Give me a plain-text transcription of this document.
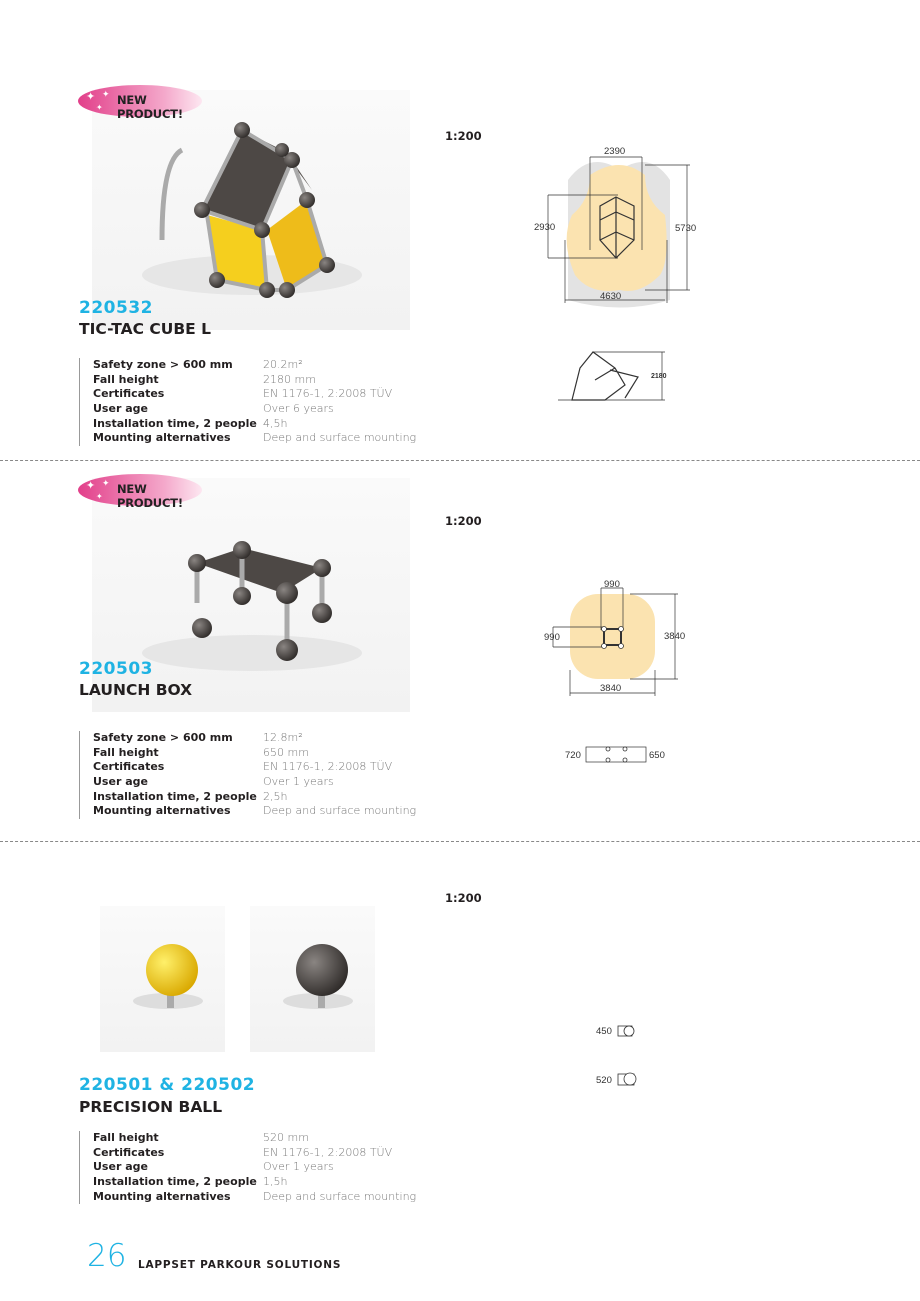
✦
✦
✦ NEW PRODUCT!
220532
TIC-TAC CUBE L
Safety zone > 600 mm	20.2m²
Fall height	2180 mm
Certificates	EN 1176-1, 2:2008 TÜV
User age	Over 6 years
Installation time, 2 people 4,5h
Mounting alternatives	Deep and surface mounting
1:200
2390
2930	5730
4630
2180
✦
✦
✦ NEW PRODUCT!
220503
LAUNCH BOX
Safety zone > 600 mm	12.8m²
Fall height	650 mm
Certificates	EN 1176-1, 2:2008 TÜV
User age	Over 1 years
Installation time, 2 people 2,5h
Mounting alternatives	Deep and surface mounting
1:200
990
990	3840
3840
720	650
220501 & 220502
PRECISION BALL
Fall height	520 mm
Certificates	EN 1176-1, 2:2008 TÜV
User age	Over 1 years
Installation time, 2 people 1,5h
Mounting alternatives	Deep and surface mounting
1:200
450
520
26 LAPPSET PARKOUR SOLUTIONS
